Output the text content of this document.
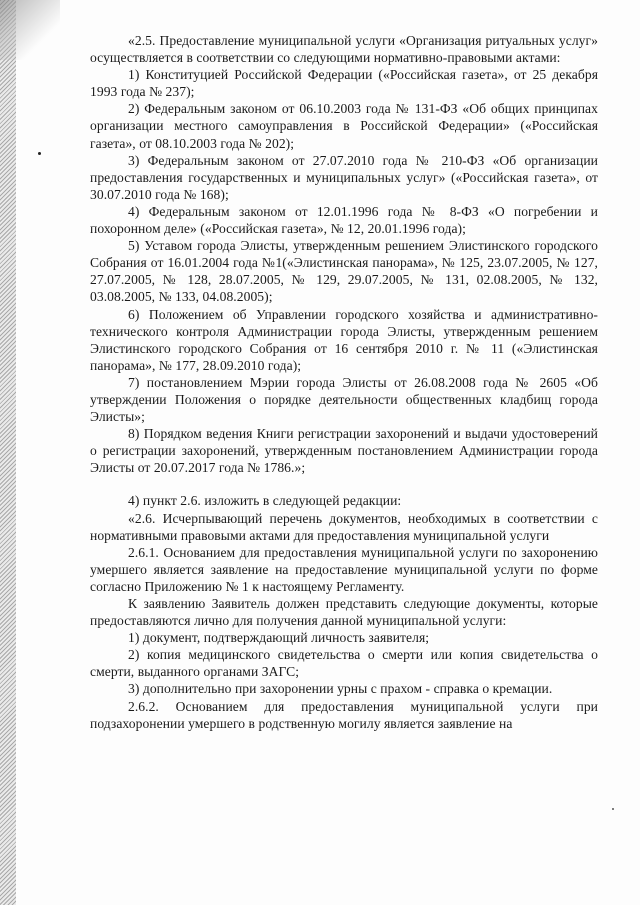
«2.5. Предоставление муниципальной услуги «Организация ритуальных услуг» осуществляется в соответствии со следующими нормативно-правовыми актами:

1) Конституцией Российской Федерации («Российская газета», от 25 декабря 1993 года № 237);

2) Федеральным законом от 06.10.2003 года № 131-ФЗ «Об общих принципах организации местного самоуправления в Российской Федерации» («Российская газета», от 08.10.2003 года № 202);

3) Федеральным законом от 27.07.2010 года № 210-ФЗ «Об организации предоставления государственных и муниципальных услуг» («Российская газета», от 30.07.2010 года № 168);

4) Федеральным законом от 12.01.1996 года № 8-ФЗ «О погребении и похоронном деле» («Российская газета», № 12, 20.01.1996 года);

5) Уставом города Элисты, утвержденным решением Элистинского городского Собрания от 16.01.2004 года №1(«Элистинская панорама», № 125, 23.07.2005, № 127, 27.07.2005, № 128, 28.07.2005, № 129, 29.07.2005, № 131, 02.08.2005, № 132, 03.08.2005, № 133, 04.08.2005);

6) Положением об Управлении городского хозяйства и административно-технического контроля Администрации города Элисты, утвержденным решением Элистинского городского Собрания от 16 сентября 2010 г. № 11 («Элистинская панорама», № 177, 28.09.2010 года);

7) постановлением Мэрии города Элисты от 26.08.2008 года № 2605 «Об утверждении Положения о порядке деятельности общественных кладбищ города Элисты»;

8) Порядком ведения Книги регистрации захоронений и выдачи удостоверений о регистрации захоронений, утвержденным постановлением Администрации города Элисты от 20.07.2017 года № 1786.»;

4) пункт 2.6. изложить в следующей редакции:

«2.6. Исчерпывающий перечень документов, необходимых в соответствии с нормативными правовыми актами для предоставления муниципальной услуги

2.6.1. Основанием для предоставления муниципальной услуги по захоронению умершего является заявление на предоставление муниципальной услуги по форме согласно Приложению № 1 к настоящему Регламенту.

К заявлению Заявитель должен представить следующие документы, которые предоставляются лично для получения данной муниципальной услуги:

1) документ, подтверждающий личность заявителя;

2) копия медицинского свидетельства о смерти или копия свидетельства о смерти, выданного органами ЗАГС;

3) дополнительно при захоронении урны с прахом - справка о кремации.

2.6.2. Основанием для предоставления муниципальной услуги при подзахоронении умершего в родственную могилу является заявление на
